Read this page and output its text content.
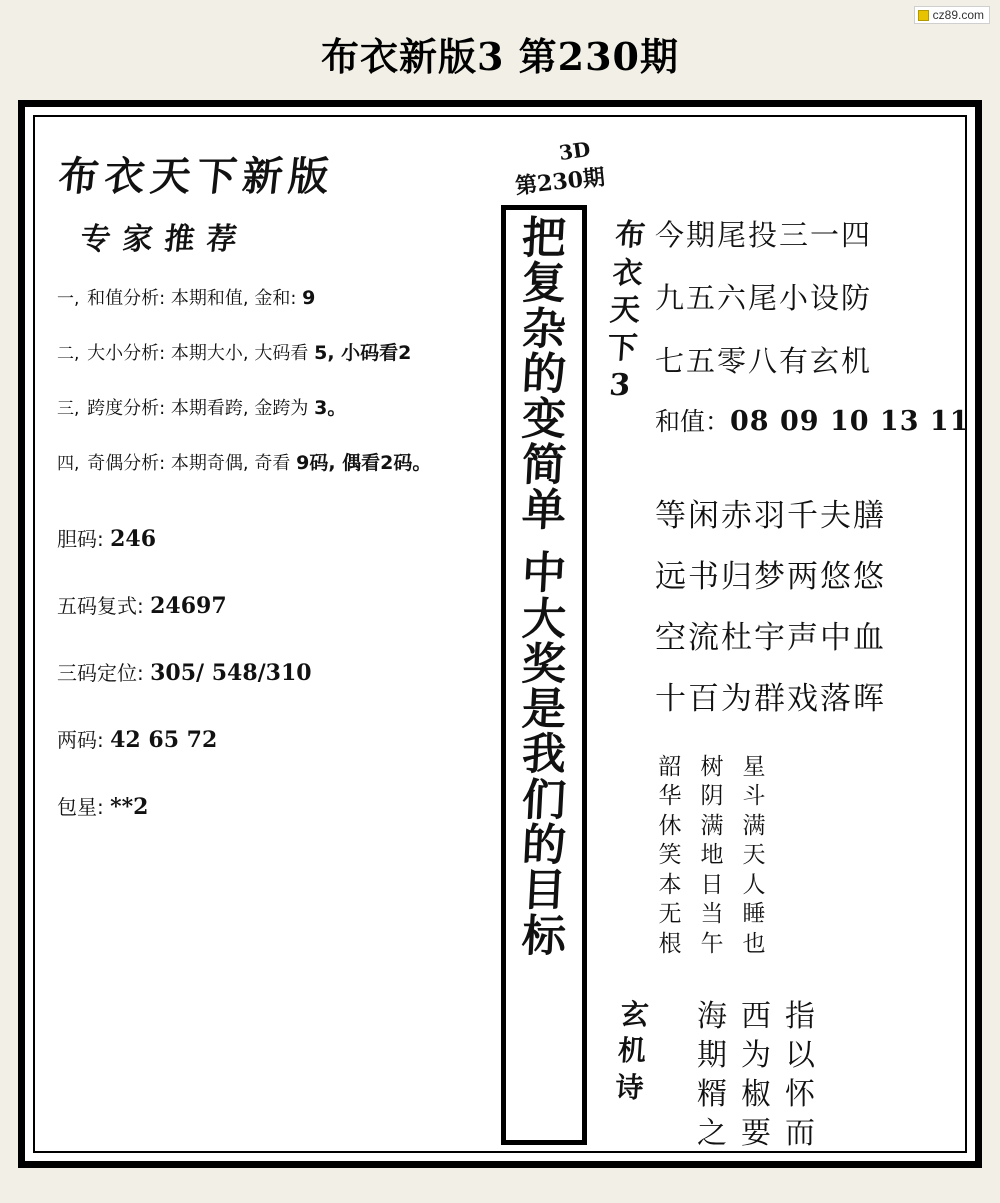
cz89.com
布衣新版3 第230期
布衣天下新版
专家推荐
一, 和值分析: 本期和值, 金和: 9
二, 大小分析: 本期大小, 大码看 5, 小码看2
三, 跨度分析: 本期看跨, 金跨为 3。
四, 奇偶分析: 本期奇偶, 奇看 9码, 偶看2码。
胆码: 246
五码复式: 24697
三码定位: 305/ 548/310
两码: 42 65 72
包星: **2
3D 第230期
把
复
杂
的
变
简
单
中
大
奖
是
我
们
的
目
标
布 衣 天 下 3
今期尾投三一四
九五六尾小设防
七五零八有玄机
和值：08 09 10 13 11
等闲赤羽千夫膳
远书归梦两悠悠
空流杜宇声中血
十百为群戏落晖
星
斗
满
天
人
睡
也
树
阴
满
地
日
当
午
韶
华
休
笑
本
无
根
玄
机
诗
指
以
怀
而
西
为
椒
要
海
期
糈
之
